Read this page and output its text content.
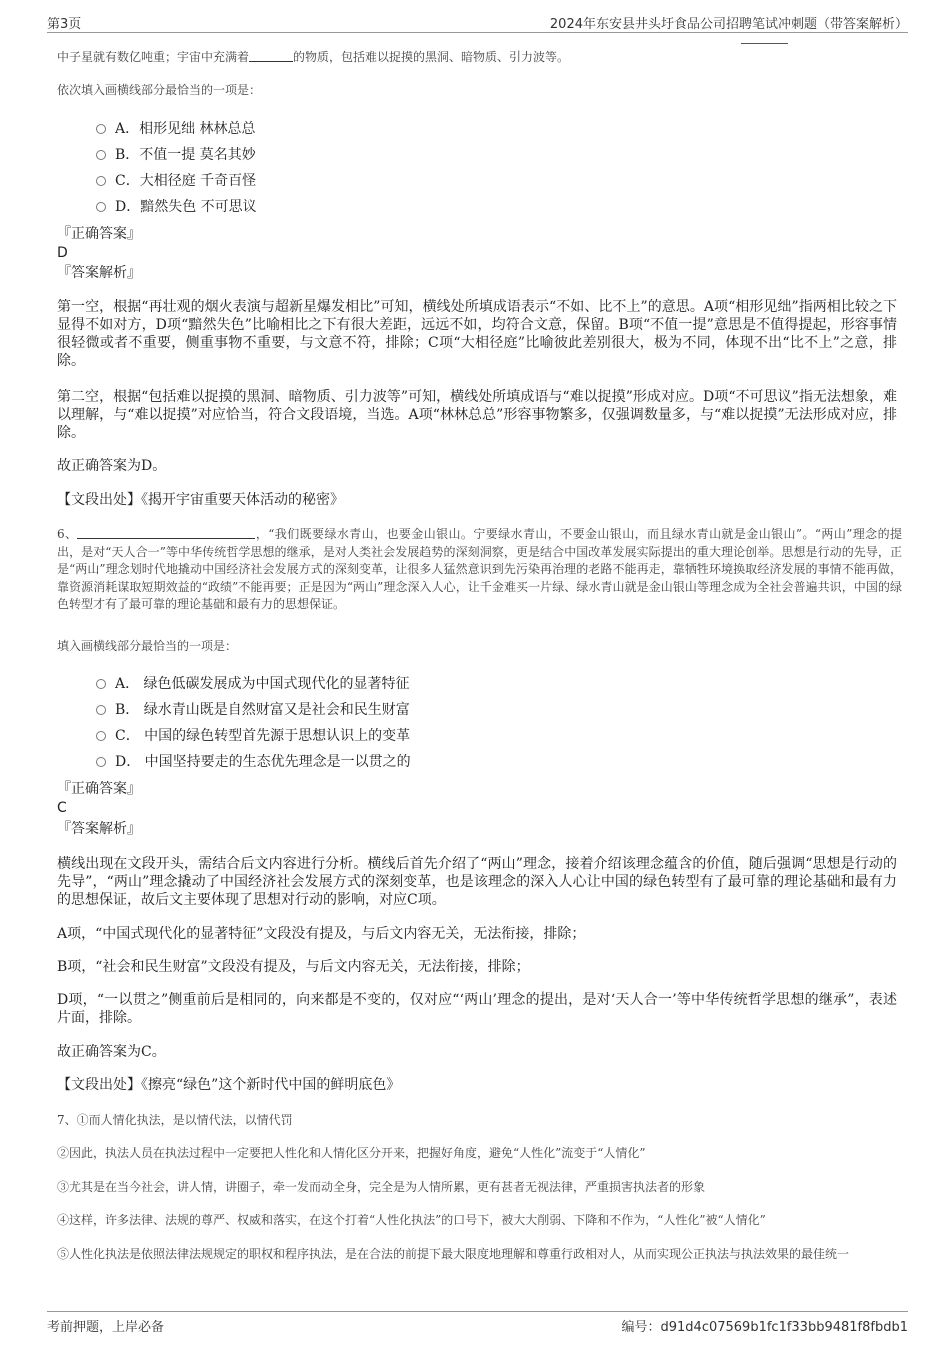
第3页	2024年东安县井头圩食品公司招聘笔试冲刺题（带答案解析）
中子星就有数亿吨重；宇宙中充满着	的物质，包括难以捉摸的黑洞、暗物质、引力波等。
依次填入画横线部分最恰当的一项是：
A．相形见绌 林林总总
B．不值一提 莫名其妙
C．大相径庭 千奇百怪
D．黯然失色 不可思议
『正确答案』
D
『答案解析』
第一空，根据“再壮观的烟火表演与超新星爆发相比”可知，横线处所填成语表示“不如、比不上”的意思。A项“相形见绌”指两相比较之下显得不如对方，D项“黯然失色”比喻相比之下有很大差距，远远不如，均符合文意，保留。B项“不值一提”意思是不值得提起，形容事情很轻微或者不重要，侧重事物不重要，与文意不符，排除；C项“大相径庭”比喻彼此差别很大，极为不同，体现不出“比不上”之意，排除。
第二空，根据“包括难以捉摸的黑洞、暗物质、引力波等”可知，横线处所填成语与“难以捉摸”形成对应。D项“不可思议”指无法想象，难以理解，与“难以捉摸”对应恰当，符合文段语境，当选。A项“林林总总”形容事物繁多，仅强调数量多，与“难以捉摸”无法形成对应，排除。
故正确答案为D。
【文段出处】《揭开宇宙重要天体活动的秘密》
6、	，“我们既要绿水青山，也要金山银山。宁要绿水青山，不要金山银山，而且绿水青山就是金山银山”。“两山”理念的提出，是对“天人合一”等中华传统哲学思想的继承，是对人类社会发展趋势的深刻洞察，更是结合中国改革发展实际提出的重大理论创举。思想是行动的先导，正是“两山”理念划时代地撬动中国经济社会发展方式的深刻变革，让很多人猛然意识到先污染再治理的老路不能再走，靠牺牲环境换取经济发展的事情不能再做，靠资源消耗谋取短期效益的“政绩”不能再要；正是因为“两山”理念深入人心，让千金难买一片绿、绿水青山就是金山银山等理念成为全社会普遍共识，中国的绿色转型才有了最可靠的理论基础和最有力的思想保证。
填入画横线部分最恰当的一项是：
A． 绿色低碳发展成为中国式现代化的显著特征
B． 绿水青山既是自然财富又是社会和民生财富
C． 中国的绿色转型首先源于思想认识上的变革
D． 中国坚持要走的生态优先理念是一以贯之的
『正确答案』
C
『答案解析』
横线出现在文段开头，需结合后文内容进行分析。横线后首先介绍了“两山”理念，接着介绍该理念蕴含的价值，随后强调“思想是行动的先导”，“两山”理念撬动了中国经济社会发展方式的深刻变革，也是该理念的深入人心让中国的绿色转型有了最可靠的理论基础和最有力的思想保证，故后文主要体现了思想对行动的影响，对应C项。
A项，“中国式现代化的显著特征”文段没有提及，与后文内容无关，无法衔接，排除；
B项，“社会和民生财富”文段没有提及，与后文内容无关，无法衔接，排除；
D项，“一以贯之”侧重前后是相同的，向来都是不变的，仅对应“‘两山’理念的提出，是对‘天人合一’等中华传统哲学思想的继承”，表述片面，排除。
故正确答案为C。
【文段出处】《擦亮“绿色”这个新时代中国的鲜明底色》
7、①而人情化执法，是以情代法，以情代罚
②因此，执法人员在执法过程中一定要把人性化和人情化区分开来，把握好角度，避免“人性化”流变于“人情化”
③尤其是在当今社会，讲人情，讲圈子，牵一发而动全身，完全是为人情所累，更有甚者无视法律，严重损害执法者的形象
④这样，许多法律、法规的尊严、权威和落实，在这个打着“人性化执法”的口号下，被大大削弱、下降和不作为，“人性化”被“人情化”
⑤人性化执法是依照法律法规规定的职权和程序执法，是在合法的前提下最大限度地理解和尊重行政相对人，从而实现公正执法与执法效果的最佳统一
考前押题，上岸必备	编号：d91d4c07569b1fc1f33bb9481f8fbdb1
